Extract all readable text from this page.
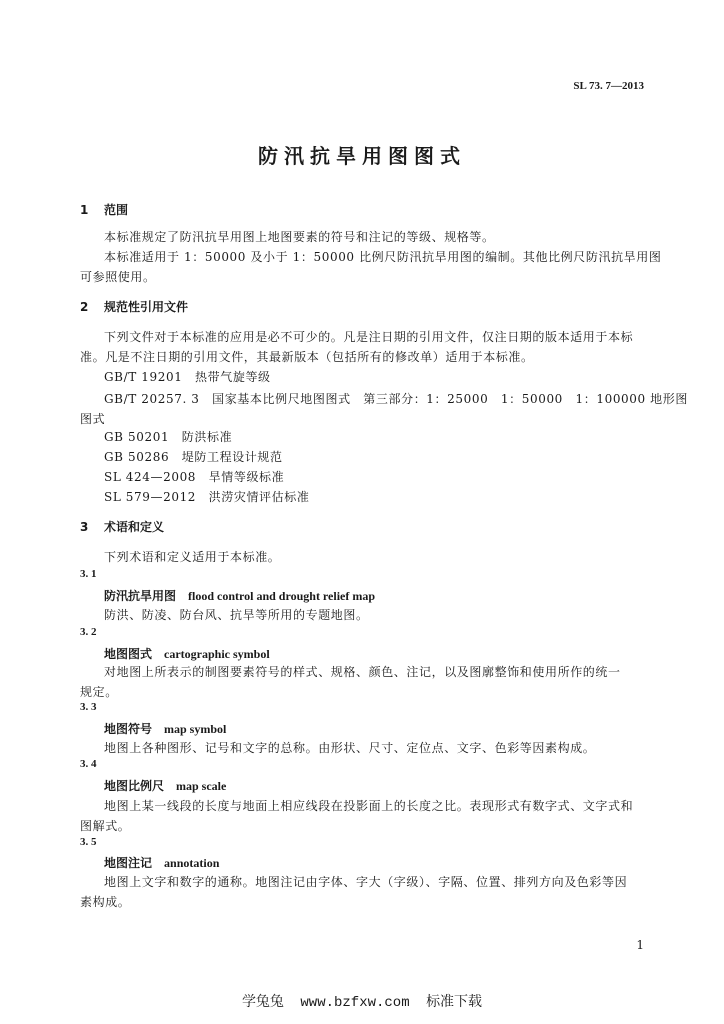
SL 73. 7—2013
防汛抗旱用图图式
1 范围
本标准规定了防汛抗旱用图上地图要素的符号和注记的等级、规格等。
本标准适用于 1：50000 及小于 1：50000 比例尺防汛抗旱用图的编制。其他比例尺防汛抗旱用图
可参照使用。
2 规范性引用文件
下列文件对于本标准的应用是必不可少的。凡是注日期的引用文件，仅注日期的版本适用于本标
准。凡是不注日期的引用文件，其最新版本（包括所有的修改单）适用于本标准。
GB/T 19201　热带气旋等级
GB/T 20257. 3　国家基本比例尺地图图式　第三部分：1：25000　1：50000　1：100000 地形图
图式
GB 50201　防洪标准
GB 50286　堤防工程设计规范
SL 424—2008　旱情等级标准
SL 579—2012　洪涝灾情评估标准
3 术语和定义
下列术语和定义适用于本标准。
3. 1
防汛抗旱用图 flood control and drought relief map
防洪、防凌、防台风、抗旱等所用的专题地图。
3. 2
地图图式 cartographic symbol
对地图上所表示的制图要素符号的样式、规格、颜色、注记，以及图廓整饰和使用所作的统一
规定。
3. 3
地图符号 map symbol
地图上各种图形、记号和文字的总称。由形状、尺寸、定位点、文字、色彩等因素构成。
3. 4
地图比例尺 map scale
地图上某一线段的长度与地面上相应线段在投影面上的长度之比。表现形式有数字式、文字式和
图解式。
3. 5
地图注记 annotation
地图上文字和数字的通称。地图注记由字体、字大（字级）、字隔、位置、排列方向及色彩等因
素构成。
1
学兔兔 www.bzfxw.com 标准下载
